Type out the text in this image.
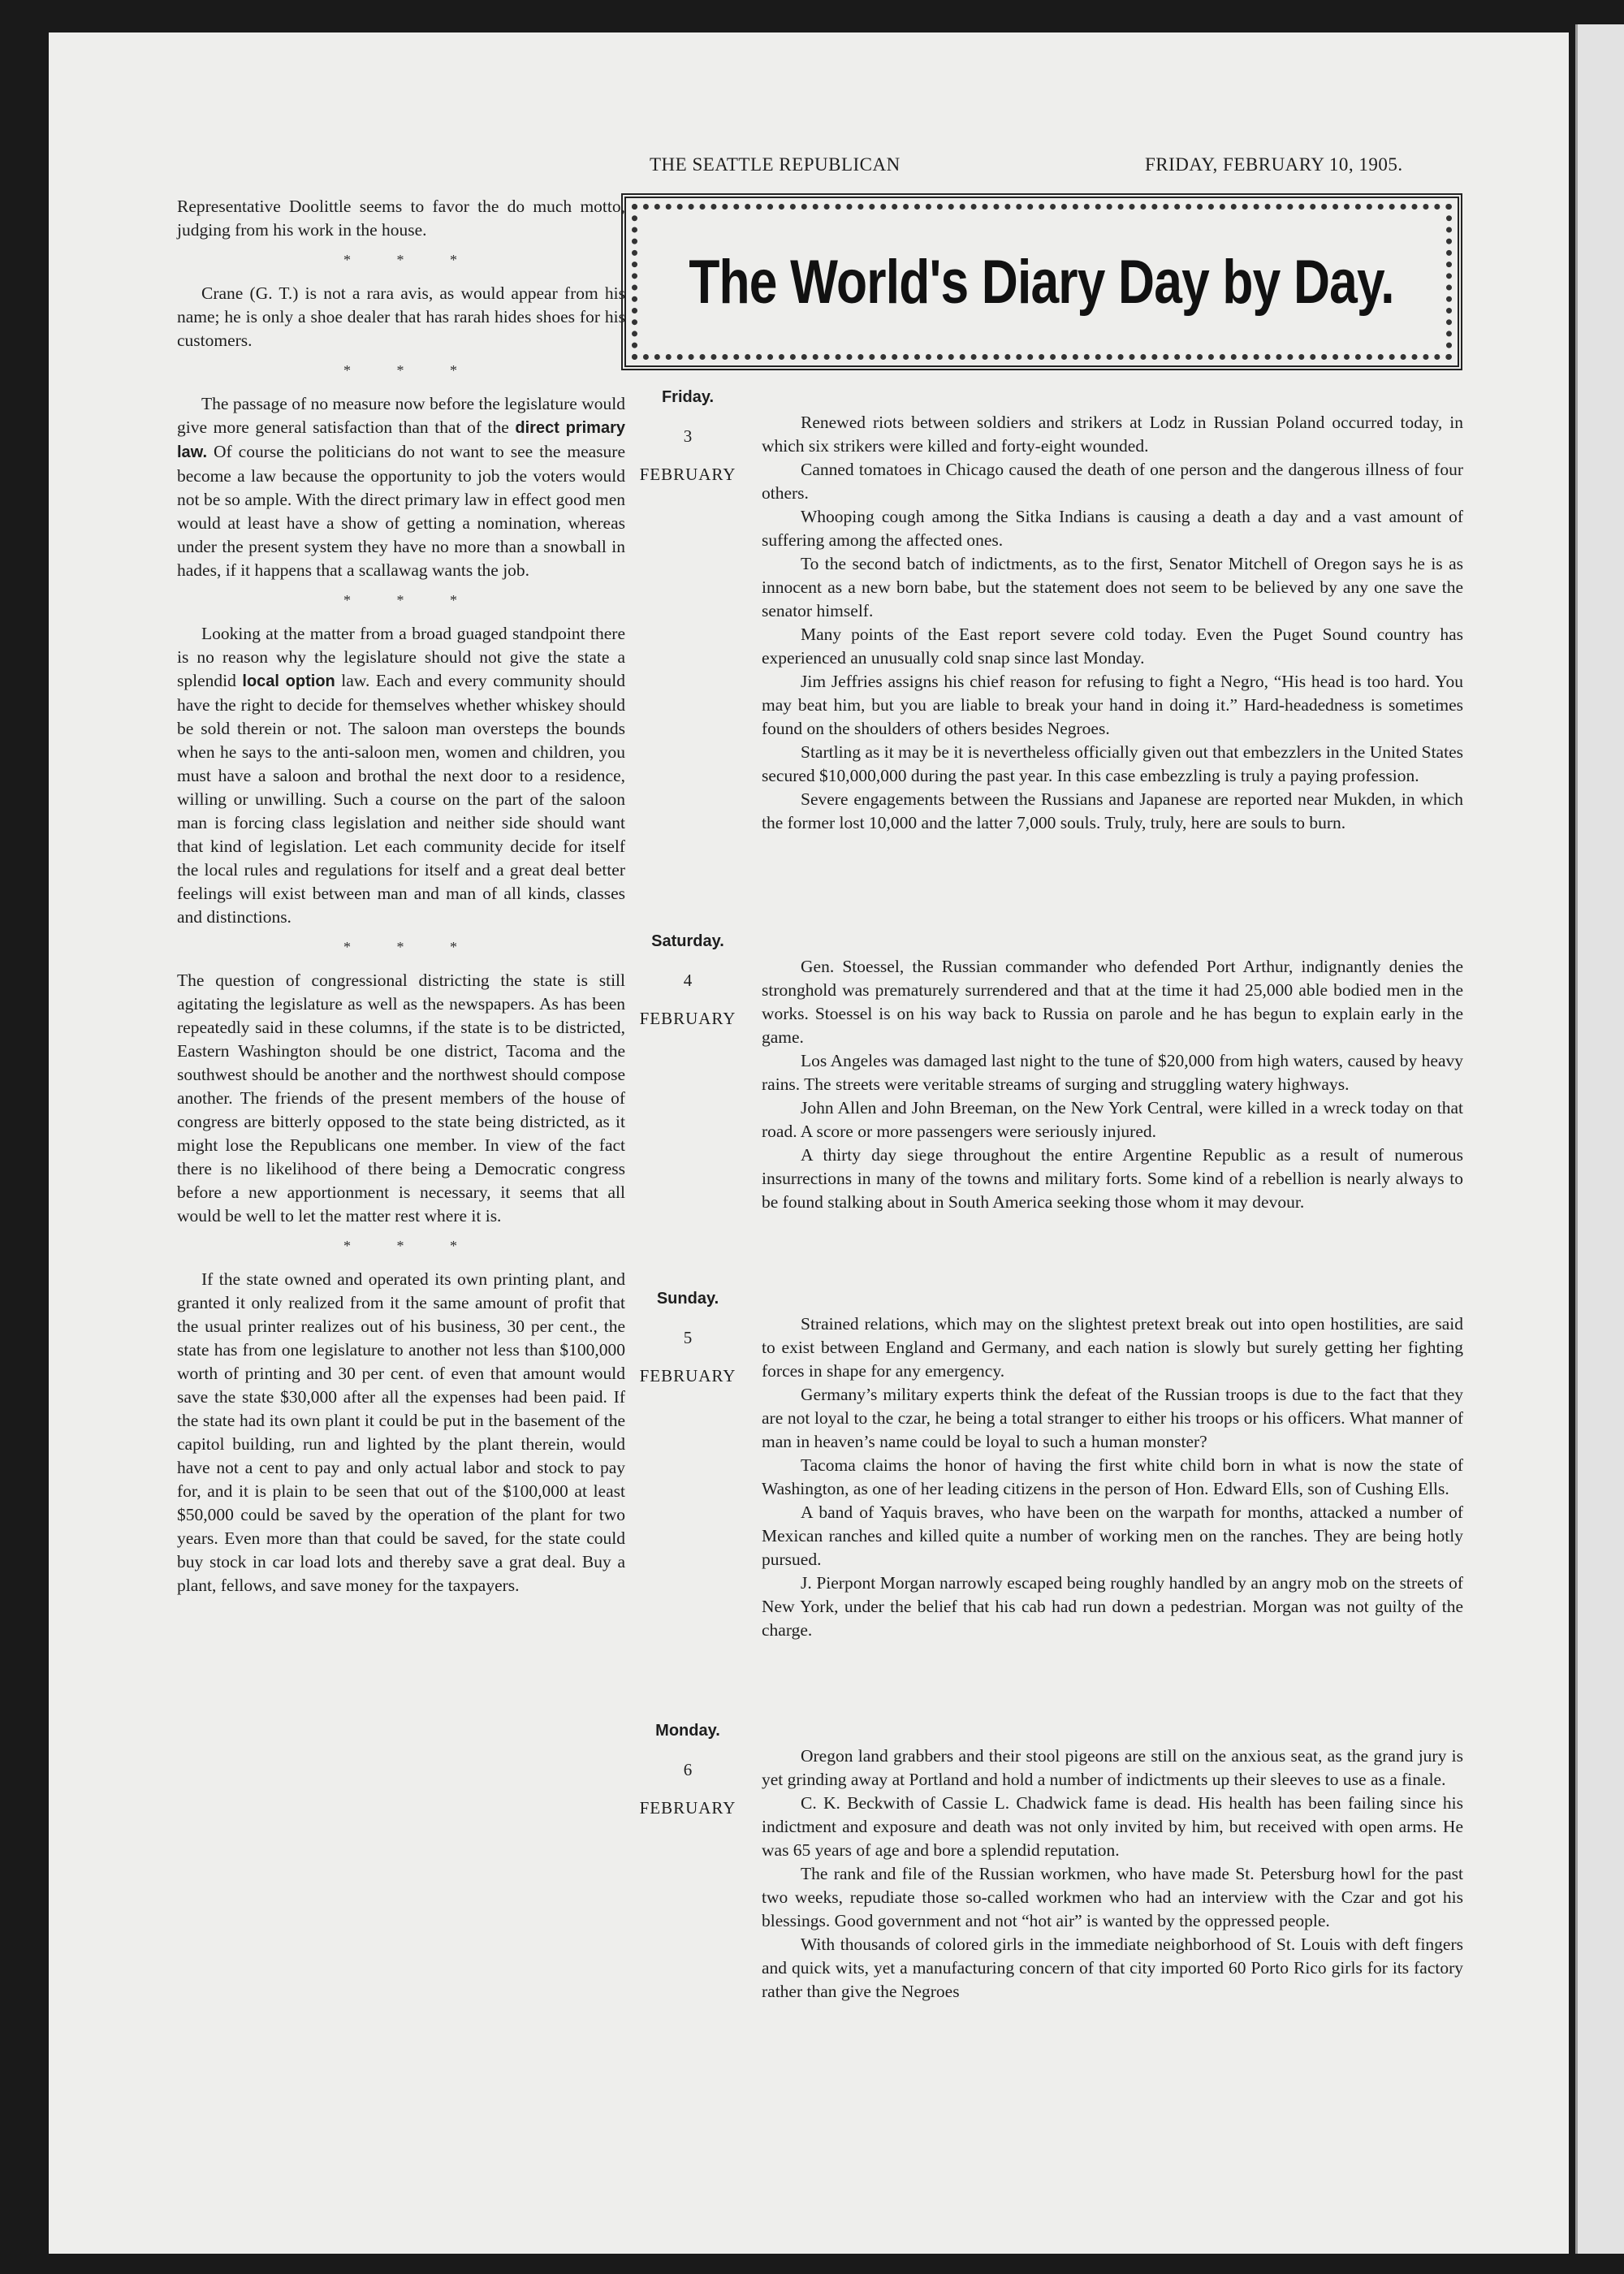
THE SEATTLE REPUBLICAN	FRIDAY, FEBRUARY 10, 1905.

Representative Doolittle seems to favor the do much motto, judging from his work in the house.

* * *

Crane (G. T.) is not a rara avis, as would appear from his name; he is only a shoe dealer that has rarah hides shoes for his customers.

* * *

The passage of no measure now before the legislature would give more general satisfaction than that of the direct primary law. Of course the politicians do not want to see the measure become a law because the opportunity to job the voters would not be so ample. With the direct primary law in effect good men would at least have a show of getting a nomination, whereas under the present system they have no more than a snowball in hades, if it happens that a scallawag wants the job.

* * *

Looking at the matter from a broad guaged standpoint there is no reason why the legislature should not give the state a splendid local option law. Each and every community should have the right to decide for themselves whether whiskey should be sold therein or not. The saloon man oversteps the bounds when he says to the anti-saloon men, women and children, you must have a saloon and brothal the next door to a residence, willing or unwilling. Such a course on the part of the saloon man is forcing class legislation and neither side should want that kind of legislation. Let each community decide for itself the local rules and regulations for itself and a great deal better feelings will exist between man and man of all kinds, classes and distinctions.

* * *

The question of congressional districting the state is still agitating the legislature as well as the newspapers. As has been repeatedly said in these columns, if the state is to be districted, Eastern Washington should be one district, Tacoma and the southwest should be another and the northwest should compose another. The friends of the present members of the house of congress are bitterly opposed to the state being districted, as it might lose the Republicans one member. In view of the fact there is no likelihood of there being a Democratic congress before a new apportionment is necessary, it seems that all would be well to let the matter rest where it is.

* * *

If the state owned and operated its own printing plant, and granted it only realized from it the same amount of profit that the usual printer realizes out of his business, 30 per cent., the state has from one legislature to another not less than $100,000 worth of printing and 30 per cent. of even that amount would save the state $30,000 after all the expenses had been paid. If the state had its own plant it could be put in the basement of the capitol building, run and lighted by the plant therein, would have not a cent to pay and only actual labor and stock to pay for, and it is plain to be seen that out of the $100,000 at least $50,000 could be saved by the operation of the plant for two years. Even more than that could be saved, for the state could buy stock in car load lots and thereby save a grat deal. Buy a plant, fellows, and save money for the taxpayers.

The World's Diary Day by Day.
Friday.
3
FEBRUARY

Renewed riots between soldiers and strikers at Lodz in Russian Poland occurred today, in which six strikers were killed and forty-eight wounded.

Canned tomatoes in Chicago caused the death of one person and the dangerous illness of four others.

Whooping cough among the Sitka Indians is causing a death a day and a vast amount of suffering among the affected ones.

To the second batch of indictments, as to the first, Senator Mitchell of Oregon says he is as innocent as a new born babe, but the statement does not seem to be believed by any one save the senator himself.

Many points of the East report severe cold today. Even the Puget Sound country has experienced an unusually cold snap since last Monday.

Jim Jeffries assigns his chief reason for refusing to fight a Negro, “His head is too hard. You may beat him, but you are liable to break your hand in doing it.” Hard-headedness is sometimes found on the shoulders of others besides Negroes.

Startling as it may be it is nevertheless officially given out that embezzlers in the United States secured $10,000,000 during the past year. In this case embezzling is truly a paying profession.

Severe engagements between the Russians and Japanese are reported near Mukden, in which the former lost 10,000 and the latter 7,000 souls. Truly, truly, here are souls to burn.

Saturday.
4
FEBRUARY

Gen. Stoessel, the Russian commander who defended Port Arthur, indignantly denies the stronghold was prematurely surrendered and that at the time it had 25,000 able bodied men in the works. Stoessel is on his way back to Russia on parole and he has begun to explain early in the game.

Los Angeles was damaged last night to the tune of $20,000 from high waters, caused by heavy rains. The streets were veritable streams of surging and struggling watery highways.

John Allen and John Breeman, on the New York Central, were killed in a wreck today on that road. A score or more passengers were seriously injured.

A thirty day siege throughout the entire Argentine Republic as a result of numerous insurrections in many of the towns and military forts. Some kind of a rebellion is nearly always to be found stalking about in South America seeking those whom it may devour.

Sunday.
5
FEBRUARY

Strained relations, which may on the slightest pretext break out into open hostilities, are said to exist between England and Germany, and each nation is slowly but surely getting her fighting forces in shape for any emergency.

Germany’s military experts think the defeat of the Russian troops is due to the fact that they are not loyal to the czar, he being a total stranger to either his troops or his officers. What manner of man in heaven’s name could be loyal to such a human monster?

Tacoma claims the honor of having the first white child born in what is now the state of Washington, as one of her leading citizens in the person of Hon. Edward Ells, son of Cushing Ells.

A band of Yaquis braves, who have been on the warpath for months, attacked a number of Mexican ranches and killed quite a number of working men on the ranches. They are being hotly pursued.

J. Pierpont Morgan narrowly escaped being roughly handled by an angry mob on the streets of New York, under the belief that his cab had run down a pedestrian. Morgan was not guilty of the charge.

Monday.
6
FEBRUARY

Oregon land grabbers and their stool pigeons are still on the anxious seat, as the grand jury is yet grinding away at Portland and hold a number of indictments up their sleeves to use as a finale.

C. K. Beckwith of Cassie L. Chadwick fame is dead. His health has been failing since his indictment and exposure and death was not only invited by him, but received with open arms. He was 65 years of age and bore a splendid reputation.

The rank and file of the Russian workmen, who have made St. Petersburg howl for the past two weeks, repudiate those so-called workmen who had an interview with the Czar and got his blessings. Good government and not “hot air” is wanted by the oppressed people.

With thousands of colored girls in the immediate neighborhood of St. Louis with deft fingers and quick wits, yet a manufacturing concern of that city imported 60 Porto Rico girls for its factory rather than give the Negroes
